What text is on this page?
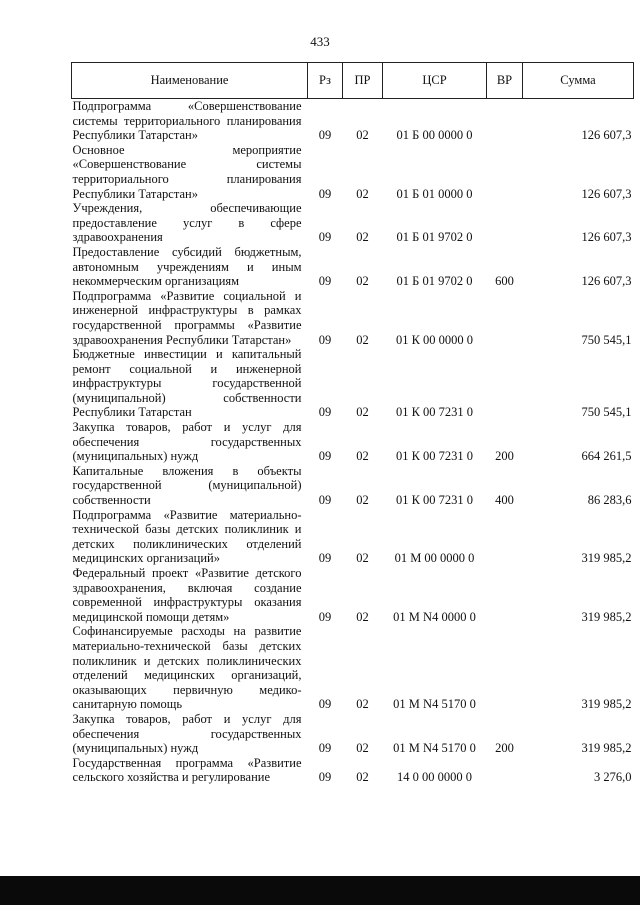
433
Наименование	Рз	ПР	ЦСР	ВР	Сумма
Подпрограмма «Совершенствование системы территориального планирования Республики Татарстан»	09	02	01 Б 00 0000 0		126 607,3
Основное мероприятие «Совершенствование системы территориального планирования Республики Татарстан»	09	02	01 Б 01 0000 0		126 607,3
Учреждения, обеспечивающие предоставление услуг в сфере здравоохранения	09	02	01 Б 01 9702 0		126 607,3
Предоставление субсидий бюджетным, автономным учреждениям и иным некоммерческим организациям	09	02	01 Б 01 9702 0	600	126 607,3
Подпрограмма «Развитие социальной и инженерной инфраструктуры в рамках государственной программы «Развитие здравоохранения Республики Татарстан»	09	02	01 К 00 0000 0		750 545,1
Бюджетные инвестиции и капитальный ремонт социальной и инженерной инфраструктуры государственной (муниципальной) собственности Республики Татарстан	09	02	01 К 00 7231 0		750 545,1
Закупка товаров, работ и услуг для обеспечения государственных (муниципальных) нужд	09	02	01 К 00 7231 0	200	664 261,5
Капитальные вложения в объекты государственной (муниципальной) собственности	09	02	01 К 00 7231 0	400	86 283,6
Подпрограмма «Развитие материально-технической базы детских поликлиник и детских поликлинических отделений медицинских организаций»	09	02	01 М 00 0000 0		319 985,2
Федеральный проект «Развитие детского здравоохранения, включая создание современной инфраструктуры оказания медицинской помощи детям»	09	02	01 М N4 0000 0		319 985,2
Софинансируемые расходы на развитие материально-технической базы детских поликлиник и детских поликлинических отделений медицинских организаций, оказывающих первичную медико-санитарную помощь	09	02	01 М N4 5170 0		319 985,2
Закупка товаров, работ и услуг для обеспечения государственных (муниципальных) нужд	09	02	01 М N4 5170 0	200	319 985,2
Государственная программа «Развитие сельского хозяйства и регулирование	09	02	14 0 00 0000 0		3 276,0
